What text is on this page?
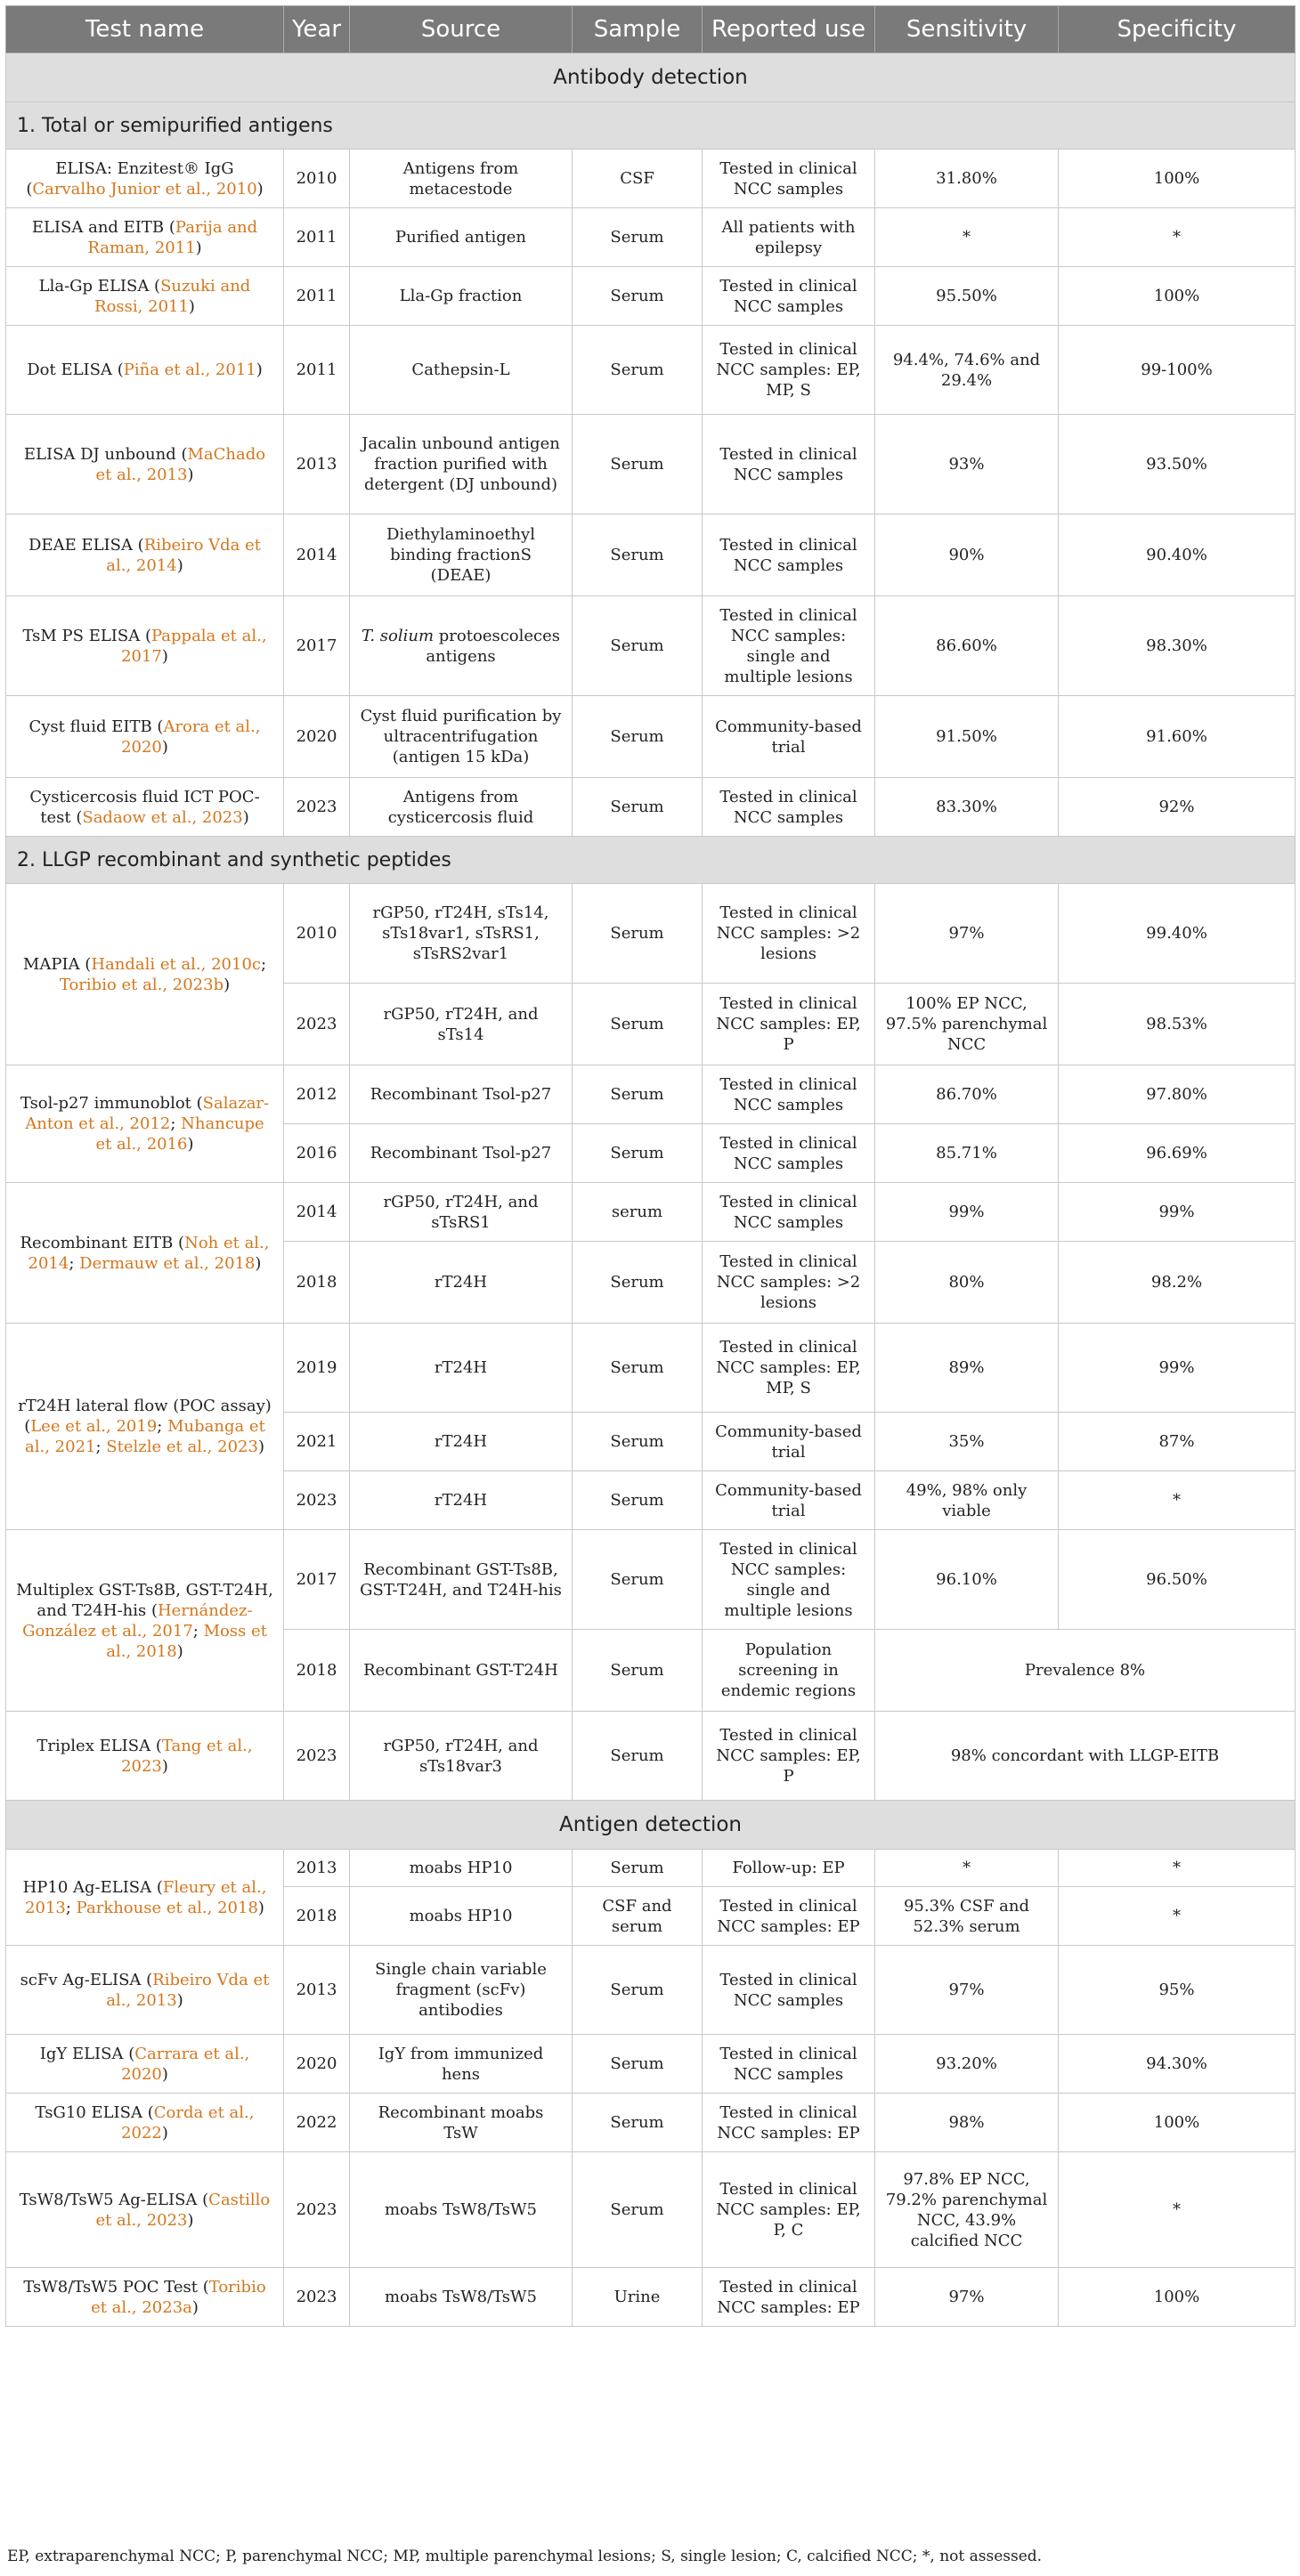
Test name	Year	Source	Sample	Reported use	Sensitivity	Specificity
Antibody detection						
1. Total or semipurified antigens						
ELISA: Enzitest® IgG (Carvalho Junior et al., 2010)	2010	Antigens from metacestode	CSF	Tested in clinical NCC samples	31.80%	100%
ELISA and EITB (Parija and Raman, 2011)	2011	Purified antigen	Serum	All patients with epilepsy	*	*
Lla-Gp ELISA (Suzuki and Rossi, 2011)	2011	Lla-Gp fraction	Serum	Tested in clinical NCC samples	95.50%	100%
Dot ELISA (Piña et al., 2011)	2011	Cathepsin-L	Serum	Tested in clinical NCC samples: EP, MP, S	94.4%, 74.6% and 29.4%	99-100%
ELISA DJ unbound (MaChado et al., 2013)	2013	Jacalin unbound antigen fraction purified with detergent (DJ unbound)	Serum	Tested in clinical NCC samples	93%	93.50%
DEAE ELISA (Ribeiro Vda et al., 2014)	2014	Diethylaminoethyl binding fractionS (DEAE)	Serum	Tested in clinical NCC samples	90%	90.40%
TsM PS ELISA (Pappala et al., 2017)	2017	T. solium protoescoleces antigens	Serum	Tested in clinical NCC samples: single and multiple lesions	86.60%	98.30%
Cyst fluid EITB (Arora et al., 2020)	2020	Cyst fluid purification by ultracentrifugation (antigen 15 kDa)	Serum	Community-based trial	91.50%	91.60%
Cysticercosis fluid ICT POC-test (Sadaow et al., 2023)	2023	Antigens from cysticercosis fluid	Serum	Tested in clinical NCC samples	83.30%	92%
2. LLGP recombinant and synthetic peptides						
MAPIA (Handali et al., 2010c; Toribio et al., 2023b)	2010	rGP50, rT24H, sTs14, sTs18var1, sTsRS1, sTsRS2var1	Serum	Tested in clinical NCC samples: >2 lesions	97%	99.40%
	2023	rGP50, rT24H, and sTs14	Serum	Tested in clinical NCC samples: EP, P	100% EP NCC, 97.5% parenchymal NCC	98.53%
Tsol-p27 immunoblot (Salazar-Anton et al., 2012; Nhancupe et al., 2016)	2012	Recombinant Tsol-p27	Serum	Tested in clinical NCC samples	86.70%	97.80%
	2016	Recombinant Tsol-p27	Serum	Tested in clinical NCC samples	85.71%	96.69%
Recombinant EITB (Noh et al., 2014; Dermauw et al., 2018)	2014	rGP50, rT24H, and sTsRS1	serum	Tested in clinical NCC samples	99%	99%
	2018	rT24H	Serum	Tested in clinical NCC samples: >2 lesions	80%	98.2%
rT24H lateral flow (POC assay) (Lee et al., 2019; Mubanga et al., 2021; Stelzle et al., 2023)	2019	rT24H	Serum	Tested in clinical NCC samples: EP, MP, S	89%	99%
	2021	rT24H	Serum	Community-based trial	35%	87%
	2023	rT24H	Serum	Community-based trial	49%, 98% only viable	*
Multiplex GST-Ts8B, GST-T24H, and T24H-his (Hernández-González et al., 2017; Moss et al., 2018)	2017	Recombinant GST-Ts8B, GST-T24H, and T24H-his	Serum	Tested in clinical NCC samples: single and multiple lesions	96.10%	96.50%
	2018	Recombinant GST-T24H	Serum	Population screening in endemic regions	Prevalence 8%	
Triplex ELISA (Tang et al., 2023)	2023	rGP50, rT24H, and sTs18var3	Serum	Tested in clinical NCC samples: EP, P	98% concordant with LLGP-EITB	
Antigen detection						
HP10 Ag-ELISA (Fleury et al., 2013; Parkhouse et al., 2018)	2013	moabs HP10	Serum	Follow-up: EP	*	*
	2018	moabs HP10	CSF and serum	Tested in clinical NCC samples: EP	95.3% CSF and 52.3% serum	*
scFv Ag-ELISA (Ribeiro Vda et al., 2013)	2013	Single chain variable fragment (scFv) antibodies	Serum	Tested in clinical NCC samples	97%	95%
IgY ELISA (Carrara et al., 2020)	2020	IgY from immunized hens	Serum	Tested in clinical NCC samples	93.20%	94.30%
TsG10 ELISA (Corda et al., 2022)	2022	Recombinant moabs TsW	Serum	Tested in clinical NCC samples: EP	98%	100%
TsW8/TsW5 Ag-ELISA (Castillo et al., 2023)	2023	moabs TsW8/TsW5	Serum	Tested in clinical NCC samples: EP, P, C	97.8% EP NCC, 79.2% parenchymal NCC, 43.9% calcified NCC	*
TsW8/TsW5 POC Test (Toribio et al., 2023a)	2023	moabs TsW8/TsW5	Urine	Tested in clinical NCC samples: EP	97%	100%
EP, extraparenchymal NCC; P, parenchymal NCC; MP, multiple parenchymal lesions; S, single lesion; C, calcified NCC; *, not assessed.
